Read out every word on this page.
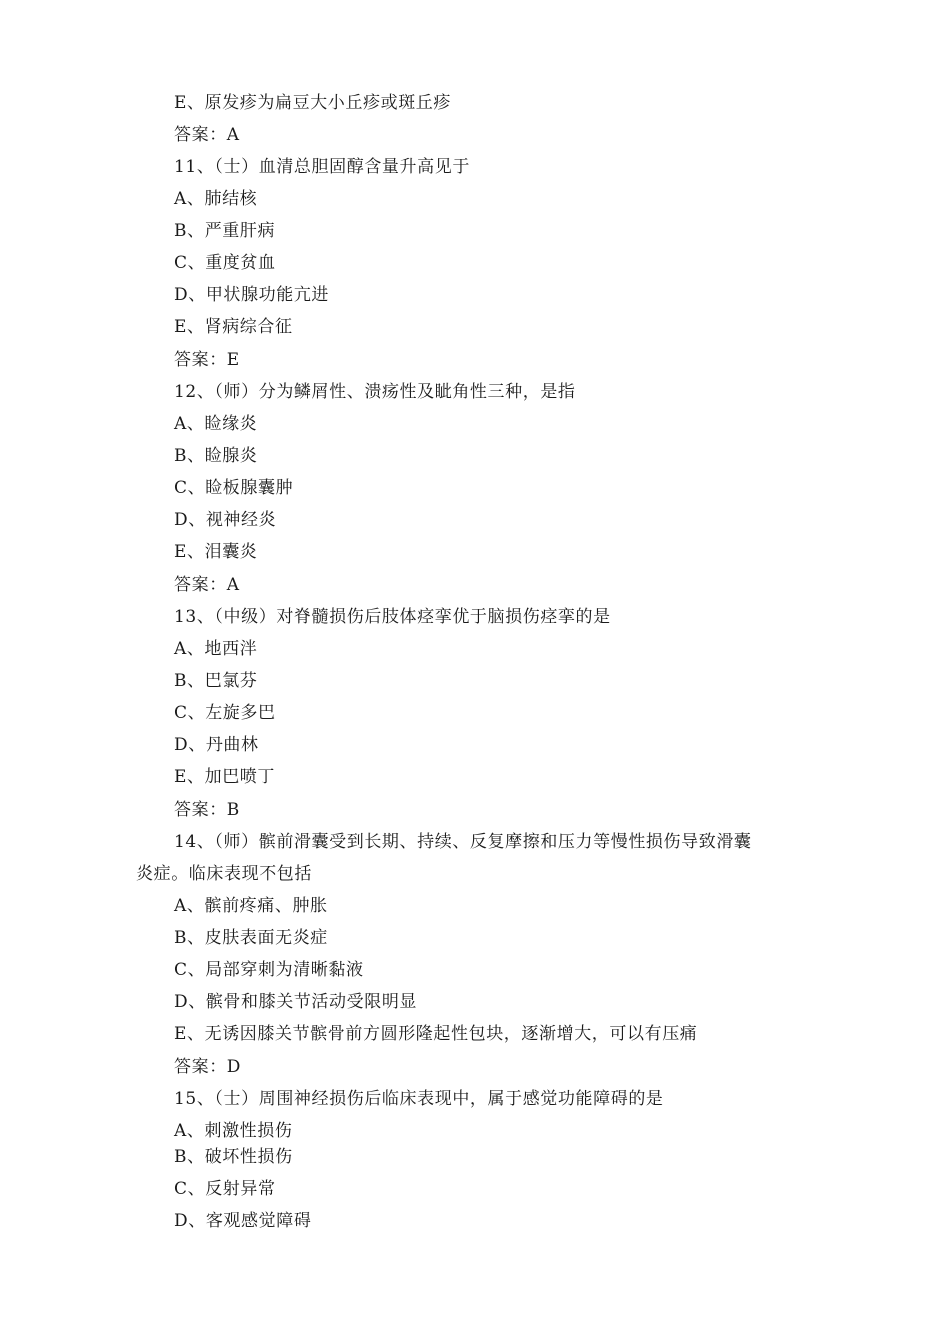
E、原发疹为扁豆大小丘疹或斑丘疹
答案：A
11、（士）血清总胆固醇含量升高见于
A、肺结核
B、严重肝病
C、重度贫血
D、甲状腺功能亢进
E、肾病综合征
答案：E
12、（师）分为鳞屑性、溃疡性及眦角性三种，是指
A、睑缘炎
B、睑腺炎
C、睑板腺囊肿
D、视神经炎
E、泪囊炎
答案：A
13、（中级）对脊髓损伤后肢体痉挛优于脑损伤痉挛的是
A、地西泮
B、巴氯芬
C、左旋多巴
D、丹曲林
E、加巴喷丁
答案：B
14、（师）髌前滑囊受到长期、持续、反复摩擦和压力等慢性损伤导致滑囊
炎症。临床表现不包括
A、髌前疼痛、肿胀
B、皮肤表面无炎症
C、局部穿刺为清晰黏液
D、髌骨和膝关节活动受限明显
E、无诱因膝关节髌骨前方圆形隆起性包块，逐渐增大，可以有压痛
答案：D
15、（士）周围神经损伤后临床表现中，属于感觉功能障碍的是
A、刺激性损伤
B、破坏性损伤
C、反射异常
D、客观感觉障碍
